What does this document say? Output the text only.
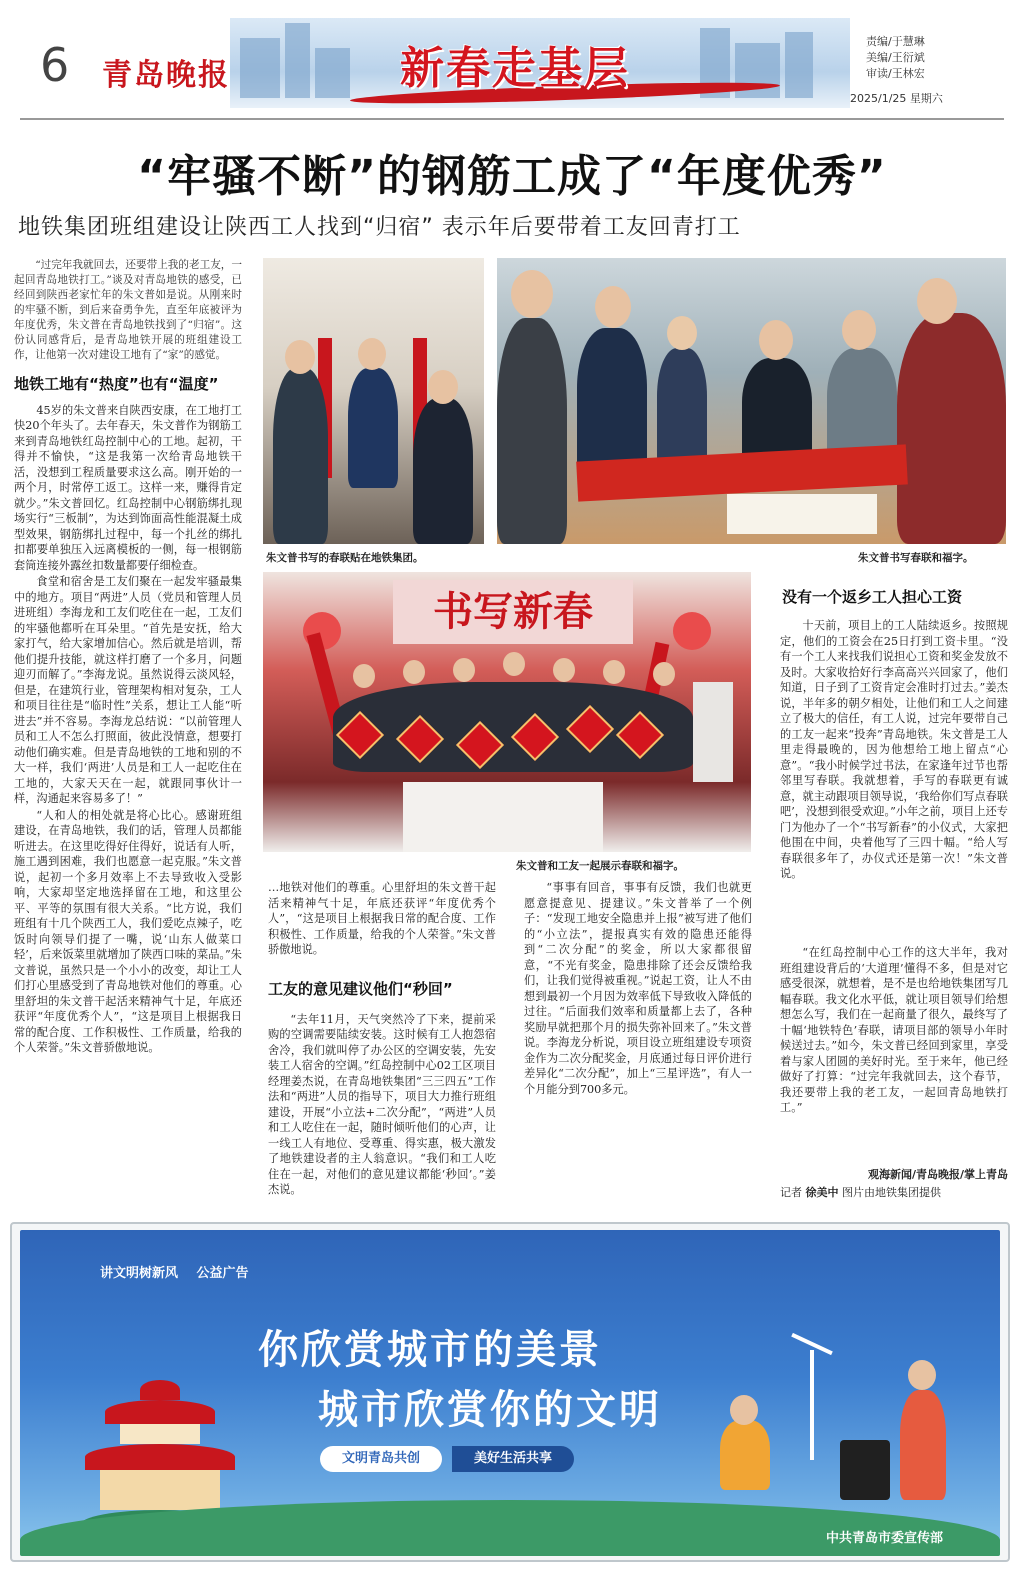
6 青岛晚报	新春走基层
责编/于慧琳
美编/王衍斌
审读/王林宏
2025/1/25 星期六
“牢骚不断”的钢筋工成了“年度优秀”
地铁集团班组建设让陕西工人找到“归宿” 表示年后要带着工友回青打工

“过完年我就回去，还要带上我的老工友，一起回青岛地铁打工。”谈及对青岛地铁的感受，已经回到陕西老家忙年的朱文普如是说。从刚来时的牢骚不断，到后来奋勇争先，直至年底被评为年度优秀，朱文普在青岛地铁找到了“归宿”。这份认同感背后，是青岛地铁开展的班组建设工作，让他第一次对建设工地有了“家”的感觉。

地铁工地有“热度”也有“温度”

45岁的朱文普来自陕西安康，在工地打工快20个年头了。去年春天，朱文普作为钢筋工来到青岛地铁红岛控制中心的工地。起初，干得并不愉快，“这是我第一次给青岛地铁干活，没想到工程质量要求这么高。刚开始的一两个月，时常停工返工。这样一来，赚得肯定就少。”朱文普回忆。红岛控制中心钢筋绑扎现场实行“三板制”，为达到饰面高性能混凝土成型效果，钢筋绑扎过程中，每一个扎丝的绑扎扣都要单独压入远离模板的一侧，每一根钢筋套筒连接外露丝扣数量都要仔细检查。

食堂和宿舍是工友们聚在一起发牢骚最集中的地方。项目“两进”人员（党员和管理人员进班组）李海龙和工友们吃住在一起，工友们的牢骚他都听在耳朵里。“首先是安抚，给大家打气，给大家增加信心。然后就是培训，帮他们提升技能，就这样打磨了一个多月，问题迎刃而解了。”李海龙说。虽然说得云淡风轻，但是，在建筑行业，管理架构相对复杂，工人和项目往往是“临时性”关系，想让工人能“听进去”并不容易。李海龙总结说：“以前管理人员和工人不怎么打照面，彼此没情意，想要打动他们确实难。但是青岛地铁的工地和别的不大一样，我们‘两进’人员是和工人一起吃住在工地的，大家天天在一起，就跟同事伙计一样，沟通起来容易多了！”

“人和人的相处就是将心比心。感谢班组建设，在青岛地铁，我们的话，管理人员都能听进去。在这里吃得好住得好，说话有人听，施工遇到困难，我们也愿意一起克服。”朱文普说，起初一个多月效率上不去导致收入受影响，大家却坚定地选择留在工地，和这里公平、平等的氛围有很大关系。“比方说，我们班组有十几个陕西工人，我们爱吃点辣子，吃饭时向领导们提了一嘴，说‘山东人做菜口轻’，后来饭菜里就增加了陕西口味的菜品。”朱文普说，虽然只是一个小小的改变，却让工人们打心里感受到了青岛地铁对他们的尊重。心里舒坦的朱文普干起活来精神气十足，年底还获评“年度优秀个人”，“这是项目上根据我日常的配合度、工作积极性、工作质量，给我的个人荣誉。”朱文普骄傲地说。

朱文普书写的春联贴在地铁集团。	朱文普书写春联和福字。
没有一个返乡工人担心工资
书写新春
朱文普和工友一起展示春联和福字。

…地铁对他们的尊重。心里舒坦的朱文普干起活来精神气十足，年底还获评“年度优秀个人”，“这是项目上根据我日常的配合度、工作积极性、工作质量，给我的个人荣誉。”朱文普骄傲地说。

工友的意见建议他们“秒回”

“去年11月，天气突然冷了下来，提前采购的空调需要陆续安装。这时候有工人抱怨宿舍冷，我们就叫停了办公区的空调安装，先安装工人宿舍的空调。”红岛控制中心02工区项目经理姜杰说，在青岛地铁集团“三三四五”工作法和“两进”人员的指导下，项目大力推行班组建设，开展“小立法+二次分配”，“两进”人员和工人吃住在一起，随时倾听他们的心声，让一线工人有地位、受尊重、得实惠，极大激发了地铁建设者的主人翁意识。“我们和工人吃住在一起，对他们的意见建议都能‘秒回’。”姜杰说。

“事事有回音，事事有反馈，我们也就更愿意提意见、提建议。”朱文普举了一个例子：“发现工地安全隐患并上报”被写进了他们的“小立法”，提报真实有效的隐患还能得到“二次分配”的奖金，所以大家都很留意，“不光有奖金，隐患排除了还会反馈给我们，让我们觉得被重视。”说起工资，让人不由想到最初一个月因为效率低下导致收入降低的过往。“后面我们效率和质量都上去了，各种奖励早就把那个月的损失弥补回来了。”朱文普说。李海龙分析说，项目设立班组建设专项资金作为二次分配奖金，月底通过每日评价进行差异化“二次分配”，加上“三星评选”，有人一个月能分到700多元。

十天前，项目上的工人陆续返乡。按照规定，他们的工资会在25日打到工资卡里。“没有一个工人来找我们说担心工资和奖金发放不及时。大家收拾好行李高高兴兴回家了，他们知道，日子到了工资肯定会准时打过去。”姜杰说，半年多的朝夕相处，让他们和工人之间建立了极大的信任，有工人说，过完年要带自己的工友一起来“投奔”青岛地铁。朱文普是工人里走得最晚的，因为他想给工地上留点“心意”。“我小时候学过书法，在家逢年过节也帮邻里写春联。我就想着，手写的春联更有诚意，就主动跟项目领导说，‘我给你们写点春联吧’，没想到很受欢迎。”小年之前，项目上还专门为他办了一个“书写新春”的小仪式，大家把他围在中间，央着他写了三四十幅。“给人写春联很多年了，办仪式还是第一次！”朱文普说。

“在红岛控制中心工作的这大半年，我对班组建设背后的‘大道理’懂得不多，但是对它感受很深，就想着，是不是也给地铁集团写几幅春联。我文化水平低，就让项目领导们给想想怎么写，我们在一起商量了很久，最终写了十幅‘地铁特色’春联，请项目部的领导小年时候送过去。”如今，朱文普已经回到家里，享受着与家人团圆的美好时光。至于来年，他已经做好了打算：“过完年我就回去，这个春节，我还要带上我的老工友，一起回青岛地铁打工。”

观海新闻/青岛晚报/掌上青岛
记者 徐美中 图片由地铁集团提供
讲文明树新风 公益广告
你欣赏城市的美景
城市欣赏你的文明
文明青岛共创	美好生活共享
中共青岛市委宣传部
